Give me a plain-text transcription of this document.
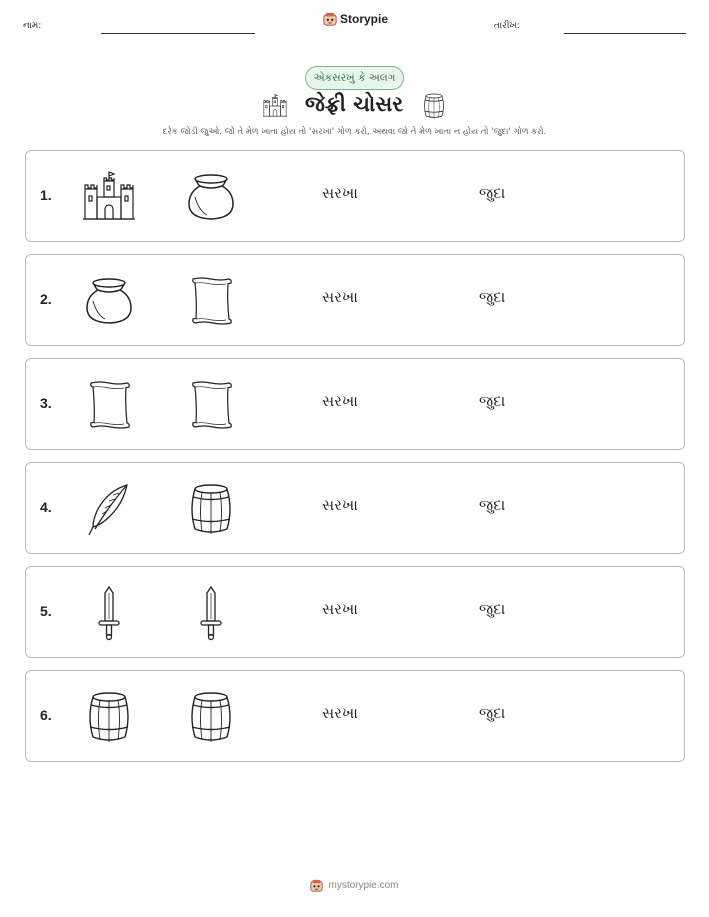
નામ:	Storypie	તારીખ:
એકસરખું કે અલગ
જેફ્રી ચોસર
દરેક જોડી જુઓ. જો તે મેળ ખાતા હોય તો 'સરખા' ગોળ કરો, અથવા જો તે મેળ ખાતા ન હોય તો 'જુદા' ગોળ કરો.
1.	સરખા	જુદા
2.	સરખા	જુદા
3.	સરખા	જુદા
4.	સરખા	જુદા
5.	સરખા	જુદા
6.	સરખા	જુદા
mystorypie.com
